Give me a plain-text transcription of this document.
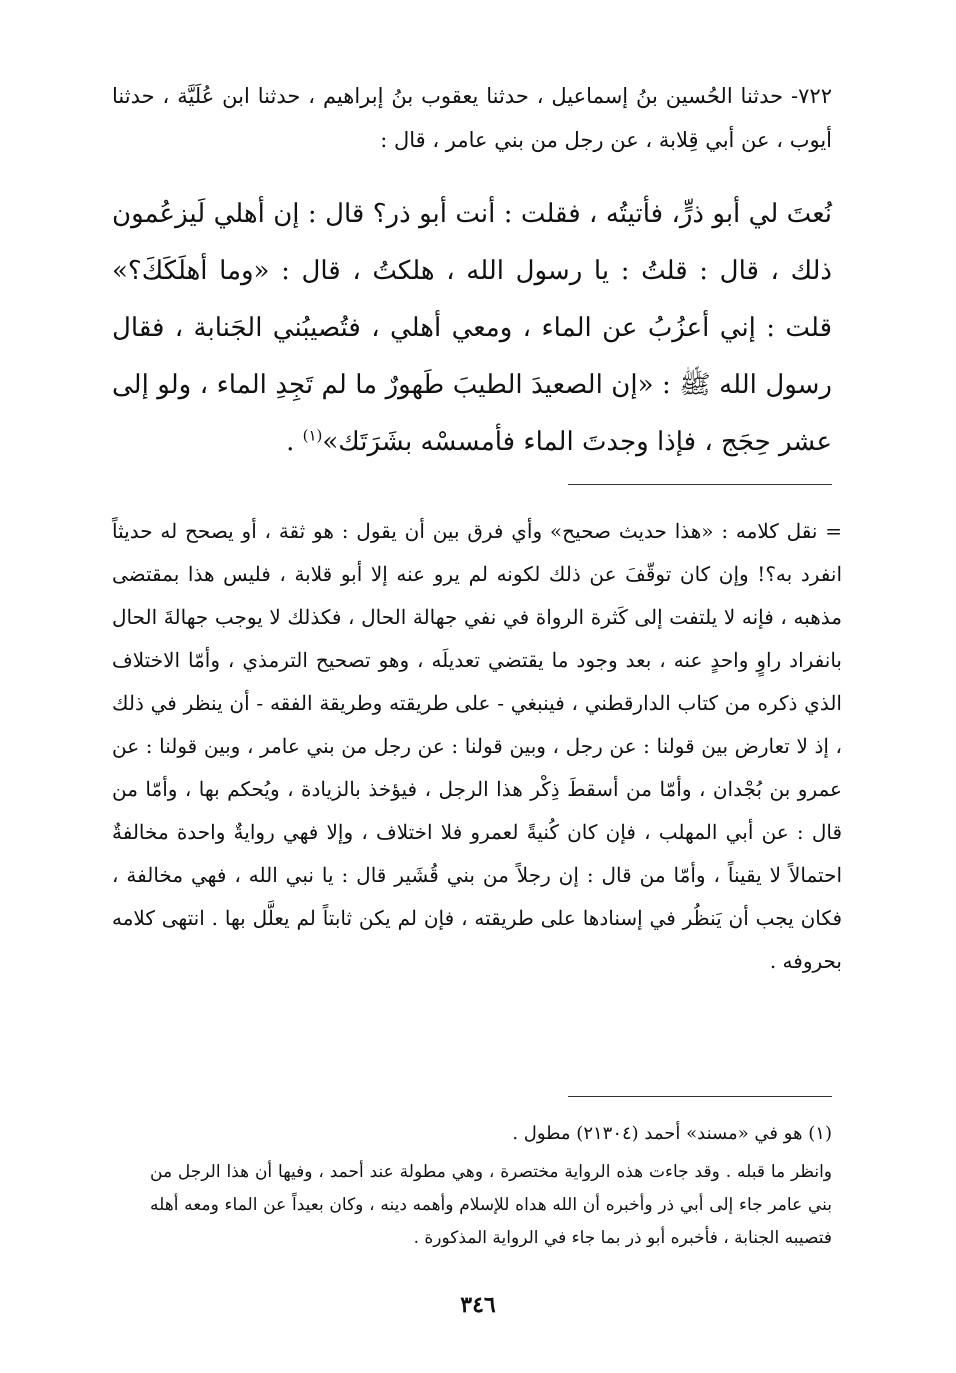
٧٢٢- حدثنا الحُسين بنُ إسماعيل ، حدثنا يعقوب بنُ إبراهيم ، حدثنا ابن عُلَيَّة ، حدثنا أيوب ، عن أبي قِلابة ، عن رجل من بني عامر ، قال :

نُعتَ لي أبو ذرٍّ، فأتيتُه ، فقلت : أنت أبو ذر؟ قال : إن أهلي لَيزعُمون ذلك ، قال : قلتُ : يا رسول الله ، هلكتُ ، قال : «وما أهلَكَكَ؟» قلت : إني أعزُبُ عن الماء ، ومعي أهلي ، فتُصيبُني الجَنابة ، فقال رسول الله ﷺ : «إن الصعيدَ الطيبَ طَهورٌ ما لم تَجِدِ الماء ، ولو إلى عشر حِجَج ، فإذا وجدتَ الماء فأمسسْه بشَرَتَك»$^{(١)}$ .

= نقل كلامه : «هذا حديث صحيح» وأي فرق بين أن يقول : هو ثقة ، أو يصحح له حديثاً انفرد به؟! وإن كان توقّفَ عن ذلك لكونه لم يرو عنه إلا أبو قلابة ، فليس هذا بمقتضى مذهبه ، فإنه لا يلتفت إلى كَثرة الرواة في نفي جهالة الحال ، فكذلك لا يوجب جهالةَ الحال بانفراد راوٍ واحدٍ عنه ، بعد وجود ما يقتضي تعديلَه ، وهو تصحيح الترمذي ، وأمّا الاختلاف الذي ذكره من كتاب الدارقطني ، فينبغي - على طريقته وطريقة الفقه - أن ينظر في ذلك ، إذ لا تعارض بين قولنا : عن رجل ، وبين قولنا : عن رجل من بني عامر ، وبين قولنا : عن عمرو بن بُجْدان ، وأمّا من أسقطَ ذِكْر هذا الرجل ، فيؤخذ بالزيادة ، ويُحكم بها ، وأمّا من قال : عن أبي المهلب ، فإن كان كُنيةً لعمرو فلا اختلاف ، وإلا فهي روايةٌ واحدة مخالفةٌ احتمالاً لا يقيناً ، وأمّا من قال : إن رجلاً من بني قُشَير قال : يا نبي الله ، فهي مخالفة ، فكان يجب أن يَنظُر في إسنادها على طريقته ، فإن لم يكن ثابتاً لم يعلَّل بها . انتهى كلامه بحروفه .

(١) هو في «مسند» أحمد (٢١٣٠٤) مطول .

وانظر ما قبله . وقد جاءت هذه الرواية مختصرة ، وهي مطولة عند أحمد ، وفيها أن هذا الرجل من بني عامر جاء إلى أبي ذر وأخبره أن الله هداه للإسلام وأهمه دينه ، وكان بعيداً عن الماء ومعه أهله فتصيبه الجنابة ، فأخبره أبو ذر بما جاء في الرواية المذكورة .

٣٤٦
